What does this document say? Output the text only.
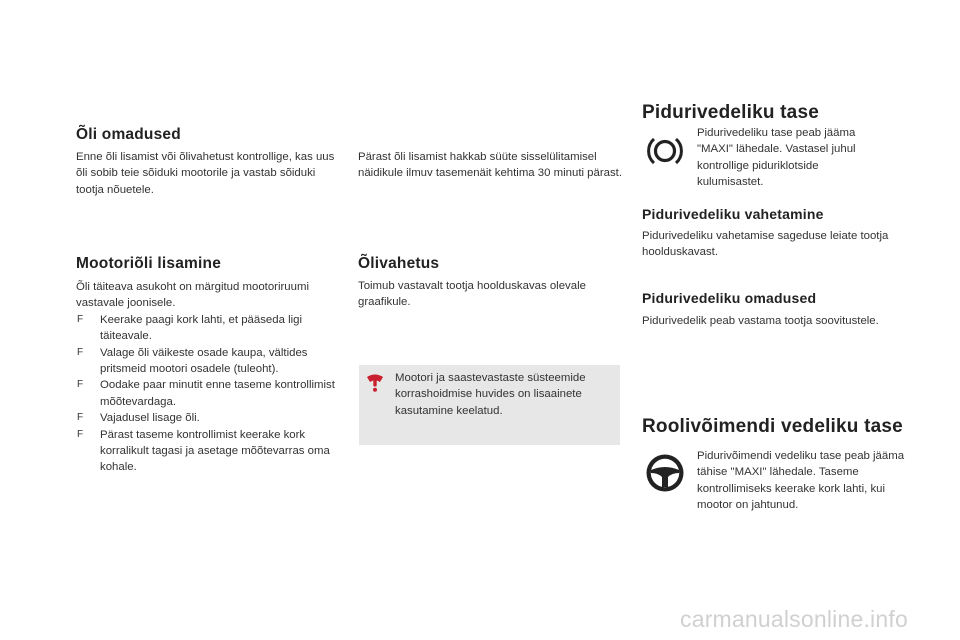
Õli omadused
Enne õli lisamist või õlivahetust kontrollige, kas uus õli sobib teie sõiduki mootorile ja vastab sõiduki tootja nõuetele.
Mootoriõli lisamine
Õli täiteava asukoht on märgitud mootoriruumi vastavale joonisele.
F Keerake paagi kork lahti, et pääseda ligi täiteavale.
F Valage õli väikeste osade kaupa, vältides pritsmeid mootori osadele (tuleoht).
F Oodake paar minutit enne taseme kontrollimist mõõtevardaga.
F Vajadusel lisage õli.
F Pärast taseme kontrollimist keerake kork korralikult tagasi ja asetage mõõtevarras oma kohale.
Pärast õli lisamist hakkab süüte sisselülitamisel näidikule ilmuv tasemenäit kehtima 30 minuti pärast.
Õlivahetus
Toimub vastavalt tootja hoolduskavas olevale graafikule.
Mootori ja saastevastaste süsteemide korrashoidmise huvides on lisaainete kasutamine keelatud.
Pidurivedeliku tase
Pidurivedeliku tase peab jääma "MAXI" lähedale. Vastasel juhul kontrollige piduriklotside kulumisastet.
Pidurivedeliku vahetamine
Pidurivedeliku vahetamise sageduse leiate tootja hoolduskavast.
Pidurivedeliku omadused
Pidurivedelik peab vastama tootja soovitustele.
Roolivõimendi vedeliku tase
Pidurivõimendi vedeliku tase peab jääma tähise "MAXI" lähedale. Taseme kontrollimiseks keerake kork lahti, kui mootor on jahtunud.
carmanualsonline.info
